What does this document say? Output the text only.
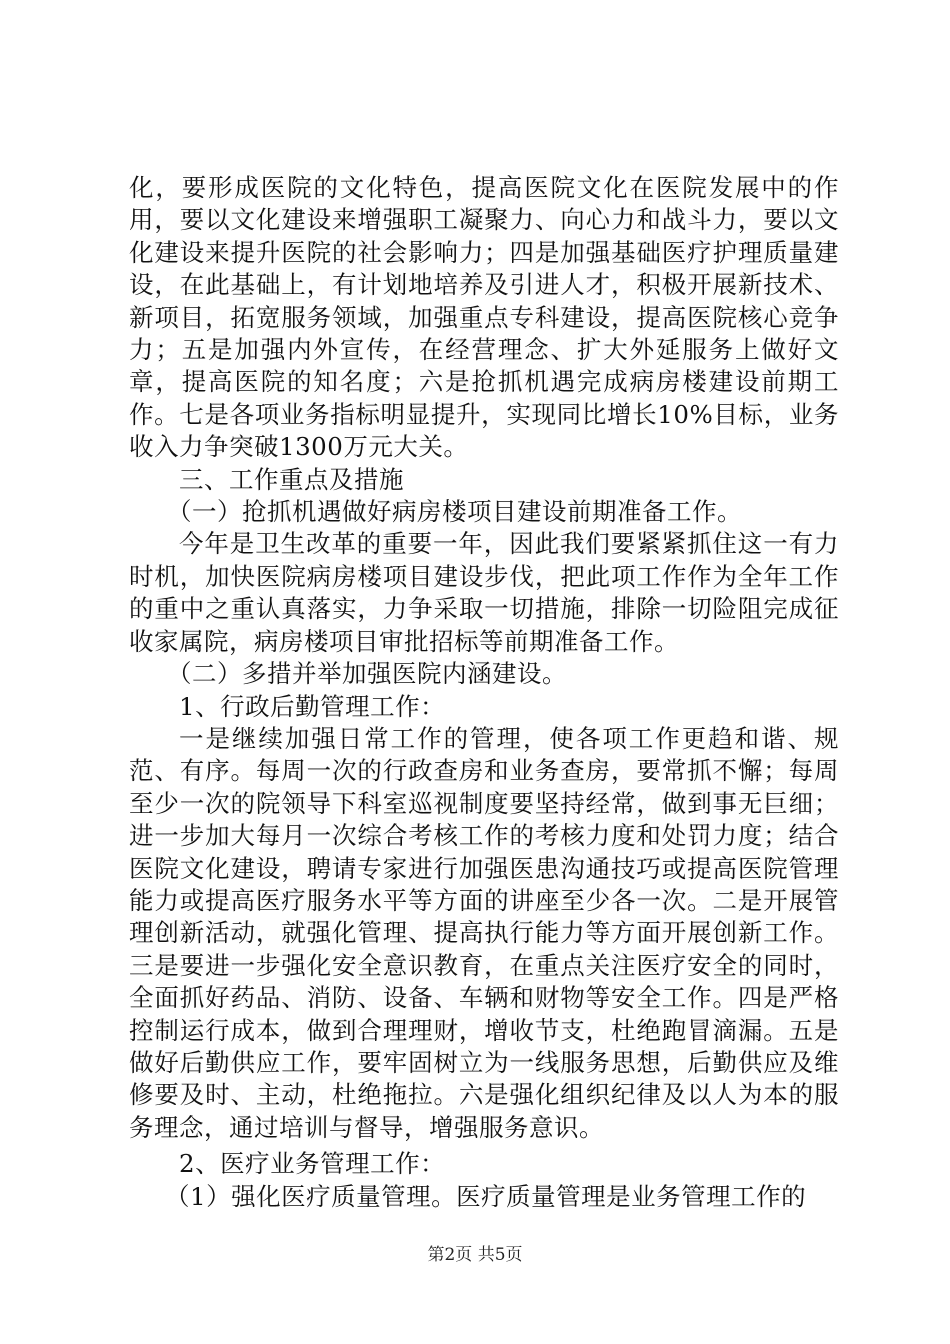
化，要形成医院的文化特色，提高医院文化在医院发展中的作用，要以文化建设来增强职工凝聚力、向心力和战斗力，要以文化建设来提升医院的社会影响力；四是加强基础医疗护理质量建设，在此基础上，有计划地培养及引进人才，积极开展新技术、新项目，拓宽服务领域，加强重点专科建设，提高医院核心竞争力；五是加强内外宣传，在经营理念、扩大外延服务上做好文章，提高医院的知名度；六是抢抓机遇完成病房楼建设前期工作。七是各项业务指标明显提升，实现同比增长10%目标，业务收入力争突破1300万元大关。

三、工作重点及措施

（一）抢抓机遇做好病房楼项目建设前期准备工作。

今年是卫生改革的重要一年，因此我们要紧紧抓住这一有力时机，加快医院病房楼项目建设步伐，把此项工作作为全年工作的重中之重认真落实，力争采取一切措施，排除一切险阻完成征收家属院，病房楼项目审批招标等前期准备工作。

（二）多措并举加强医院内涵建设。

1、行政后勤管理工作：

一是继续加强日常工作的管理，使各项工作更趋和谐、规范、有序。每周一次的行政查房和业务查房，要常抓不懈；每周至少一次的院领导下科室巡视制度要坚持经常，做到事无巨细；进一步加大每月一次综合考核工作的考核力度和处罚力度；结合医院文化建设，聘请专家进行加强医患沟通技巧或提高医院管理能力或提高医疗服务水平等方面的讲座至少各一次。二是开展管理创新活动，就强化管理、提高执行能力等方面开展创新工作。三是要进一步强化安全意识教育，在重点关注医疗安全的同时，全面抓好药品、消防、设备、车辆和财物等安全工作。四是严格控制运行成本，做到合理理财，增收节支，杜绝跑冒滴漏。五是做好后勤供应工作，要牢固树立为一线服务思想，后勤供应及维修要及时、主动，杜绝拖拉。六是强化组织纪律及以人为本的服务理念，通过培训与督导，增强服务意识。

2、医疗业务管理工作：

（1）强化医疗质量管理。医疗质量管理是业务管理工作的

第2页 共5页
